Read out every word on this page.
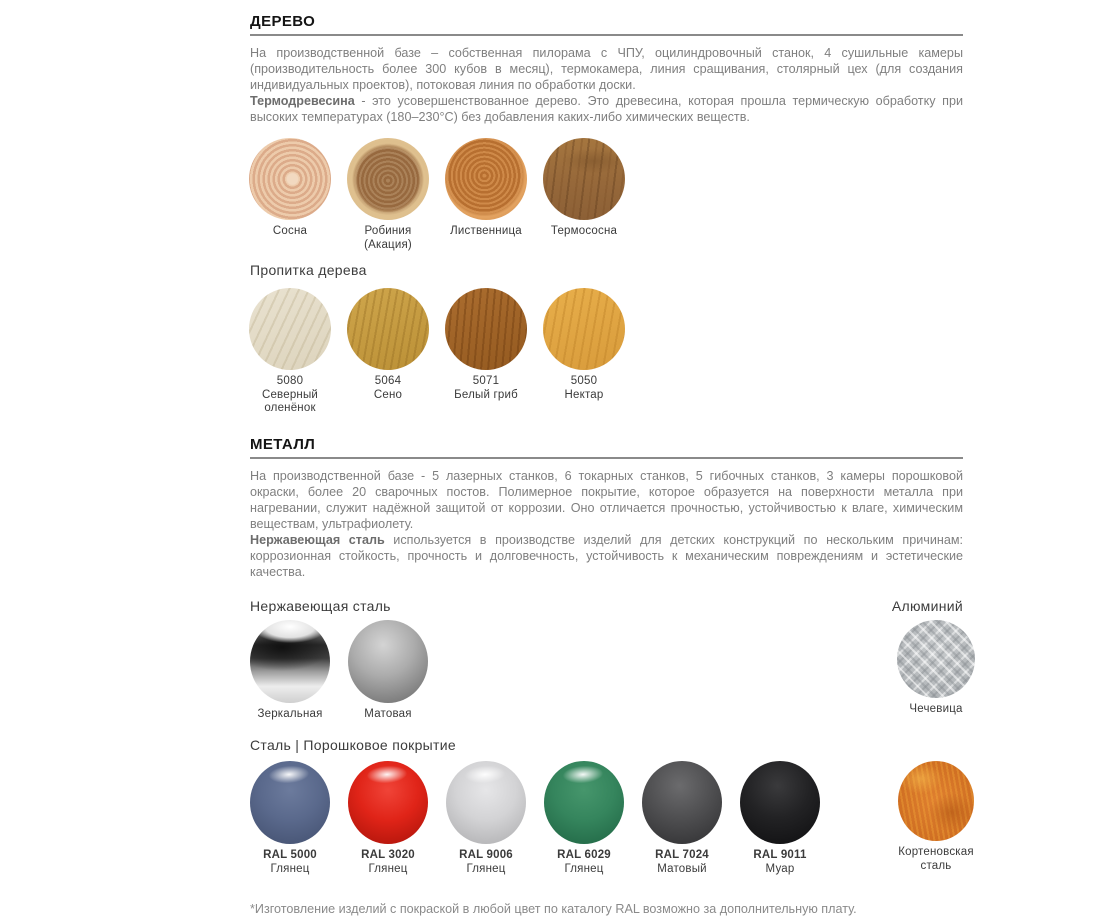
ДЕРЕВО

На производственной базе – собственная пилорама с ЧПУ, оцилиндровочный станок, 4 сушильные камеры (производительность более 300 кубов в месяц), термокамера, линия сращивания, столярный цех (для создания индивидуальных проектов), потоковая линия по обработки доски.

Термодревесина - это усовершенствованное дерево. Это древесина, которая прошла термическую обработку при высоких температурах (180–230°С) без добавления каких-либо химических веществ.

Сосна	Робиния (Акация)
Лиственница	Термососна
Пропитка дерева
5080
Северный оленёнок
5064
Сено
5071
Белый гриб
5050
Нектар
МЕТАЛЛ

На производственной базе - 5 лазерных станков, 6 токарных станков, 5 гибочных станков, 3 камеры порошковой окраски, более 20 сварочных постов. Полимерное покрытие, которое образуется на поверхности металла при нагревании, служит надёжной защитой от коррозии. Оно отличается прочностью, устойчивостью к влаге, химическим веществам, ультрафиолету.

Нержавеющая сталь используется в производстве изделий для детских конструкций по нескольким причинам: коррозионная стойкость, прочность и долговечность, устойчивость к механическим повреждениям и эстетические качества.

Нержавеющая сталь	Алюминий
Зеркальная	Матовая	Чечевица
Сталь | Порошковое покрытие
RAL 5000
Глянец
RAL 3020
Глянец
RAL 9006
Глянец
RAL 6029
Глянец
RAL 7024
Матовый
RAL 9011
Муар
Кортеновская сталь

*Изготовление изделий с покраской в любой цвет по каталогу RAL возможно за дополнительную плату.
